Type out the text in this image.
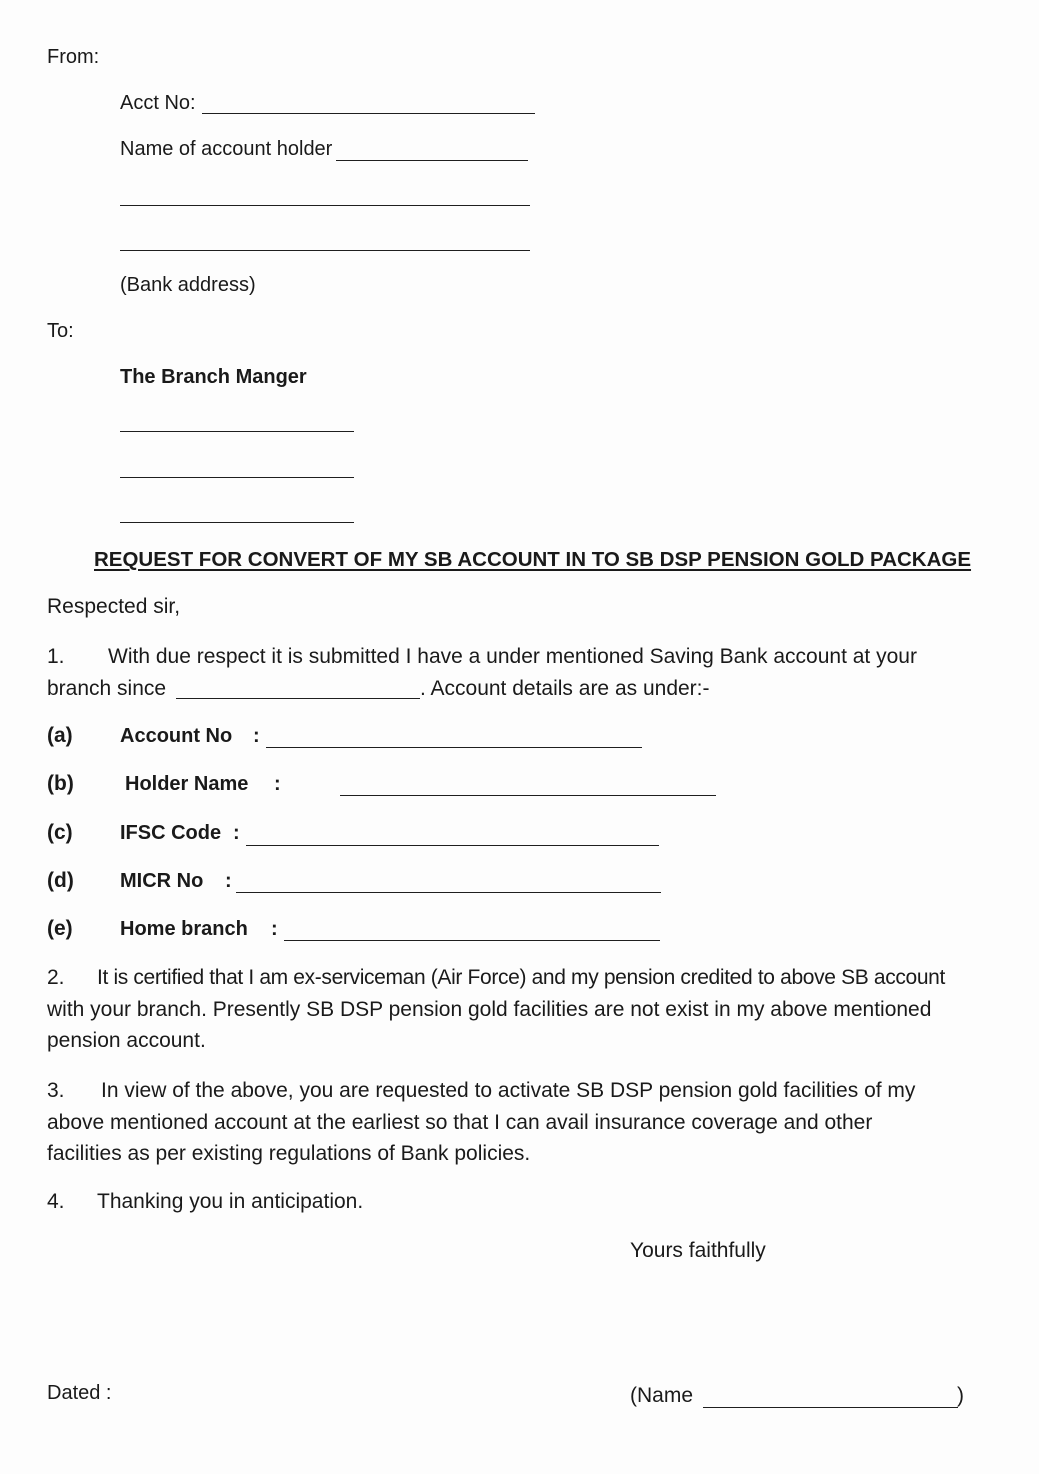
From:
Acct No:
Name of account holder
(Bank address)
To:
The Branch Manger
REQUEST FOR CONVERT OF MY SB ACCOUNT IN TO SB DSP PENSION GOLD PACKAGE
Respected sir,
1. With due respect it is submitted I have a under mentioned Saving Bank account at your
branch since	. Account details are as under:-
(a) Account No :
(b)	Holder Name :
(c) IFSC Code :
(d) MICR No :
(e) Home branch :
2. It is certified that I am ex-serviceman (Air Force) and my pension credited to above SB account
with your branch. Presently SB DSP pension gold facilities are not exist in my above mentioned
pension account.
3. In view of the above, you are requested to activate SB DSP pension gold facilities of my
above mentioned account at the earliest so that I can avail insurance coverage and other
facilities as per existing regulations of Bank policies.
4. Thanking you in anticipation.
Yours faithfully
Dated :	(Name	)
